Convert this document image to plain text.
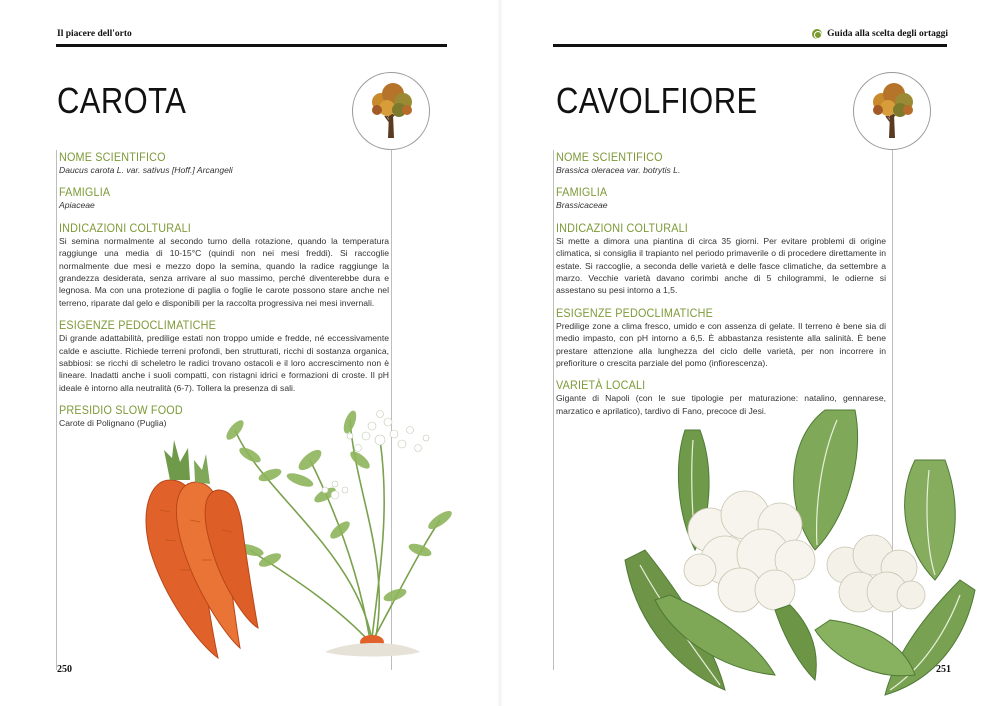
Il piacere dell'orto
CAROTA
NOME SCIENTIFICO
Daucus carota L. var. sativus [Hoff.] Arcangeli
FAMIGLIA
Apiaceae
INDICAZIONI COLTURALI
Si semina normalmente al secondo turno della rotazione, quando la temperatura raggiunge una media di 10-15°C (quindi non nei mesi freddi). Si raccoglie normalmente due mesi e mezzo dopo la semina, quando la radice raggiunge la grandezza desiderata, senza arrivare al suo massimo, perché diventerebbe dura e legnosa. Ma con una protezione di paglia o foglie le carote possono stare anche nel terreno, riparate dal gelo e disponibili per la raccolta progressiva nei mesi invernali.
ESIGENZE PEDOCLIMATICHE
Di grande adattabilità, predilige estati non troppo umide e fredde, né eccessivamente calde e asciutte. Richiede terreni profondi, ben strutturati, ricchi di sostanza organica, sabbiosi: se ricchi di scheletro le radici trovano ostacoli e il loro accrescimento non è lineare. Inadatti anche i suoli compatti, con ristagni idrici e formazioni di croste. Il pH ideale è intorno alla neutralità (6-7). Tollera la presenza di sali.
PRESIDIO SLOW FOOD
Carote di Polignano (Puglia)
250
Guida alla scelta degli ortaggi
CAVOLFIORE
NOME SCIENTIFICO
Brassica oleracea var. botrytis L.
FAMIGLIA
Brassicaceae
INDICAZIONI COLTURALI
Si mette a dimora una piantina di circa 35 giorni. Per evitare problemi di origine climatica, si consiglia il trapianto nel periodo primaverile o di procedere direttamente in estate. Si raccoglie, a seconda delle varietà e delle fasce climatiche, da settembre a marzo. Vecchie varietà davano corimbi anche di 5 chilogrammi, le odierne si assestano su pesi intorno a 1,5.
ESIGENZE PEDOCLIMATICHE
Predilige zone a clima fresco, umido e con assenza di gelate. Il terreno è bene sia di medio impasto, con pH intorno a 6,5. È abbastanza resistente alla salinità. È bene prestare attenzione alla lunghezza del ciclo delle varietà, per non incorrere in prefioriture o crescita parziale del pomo (infiorescenza).
VARIETÀ LOCALI
Gigante di Napoli (con le sue tipologie per maturazione: natalino, gennarese, marzatico e aprilatico), tardivo di Fano, precoce di Jesi.
251
